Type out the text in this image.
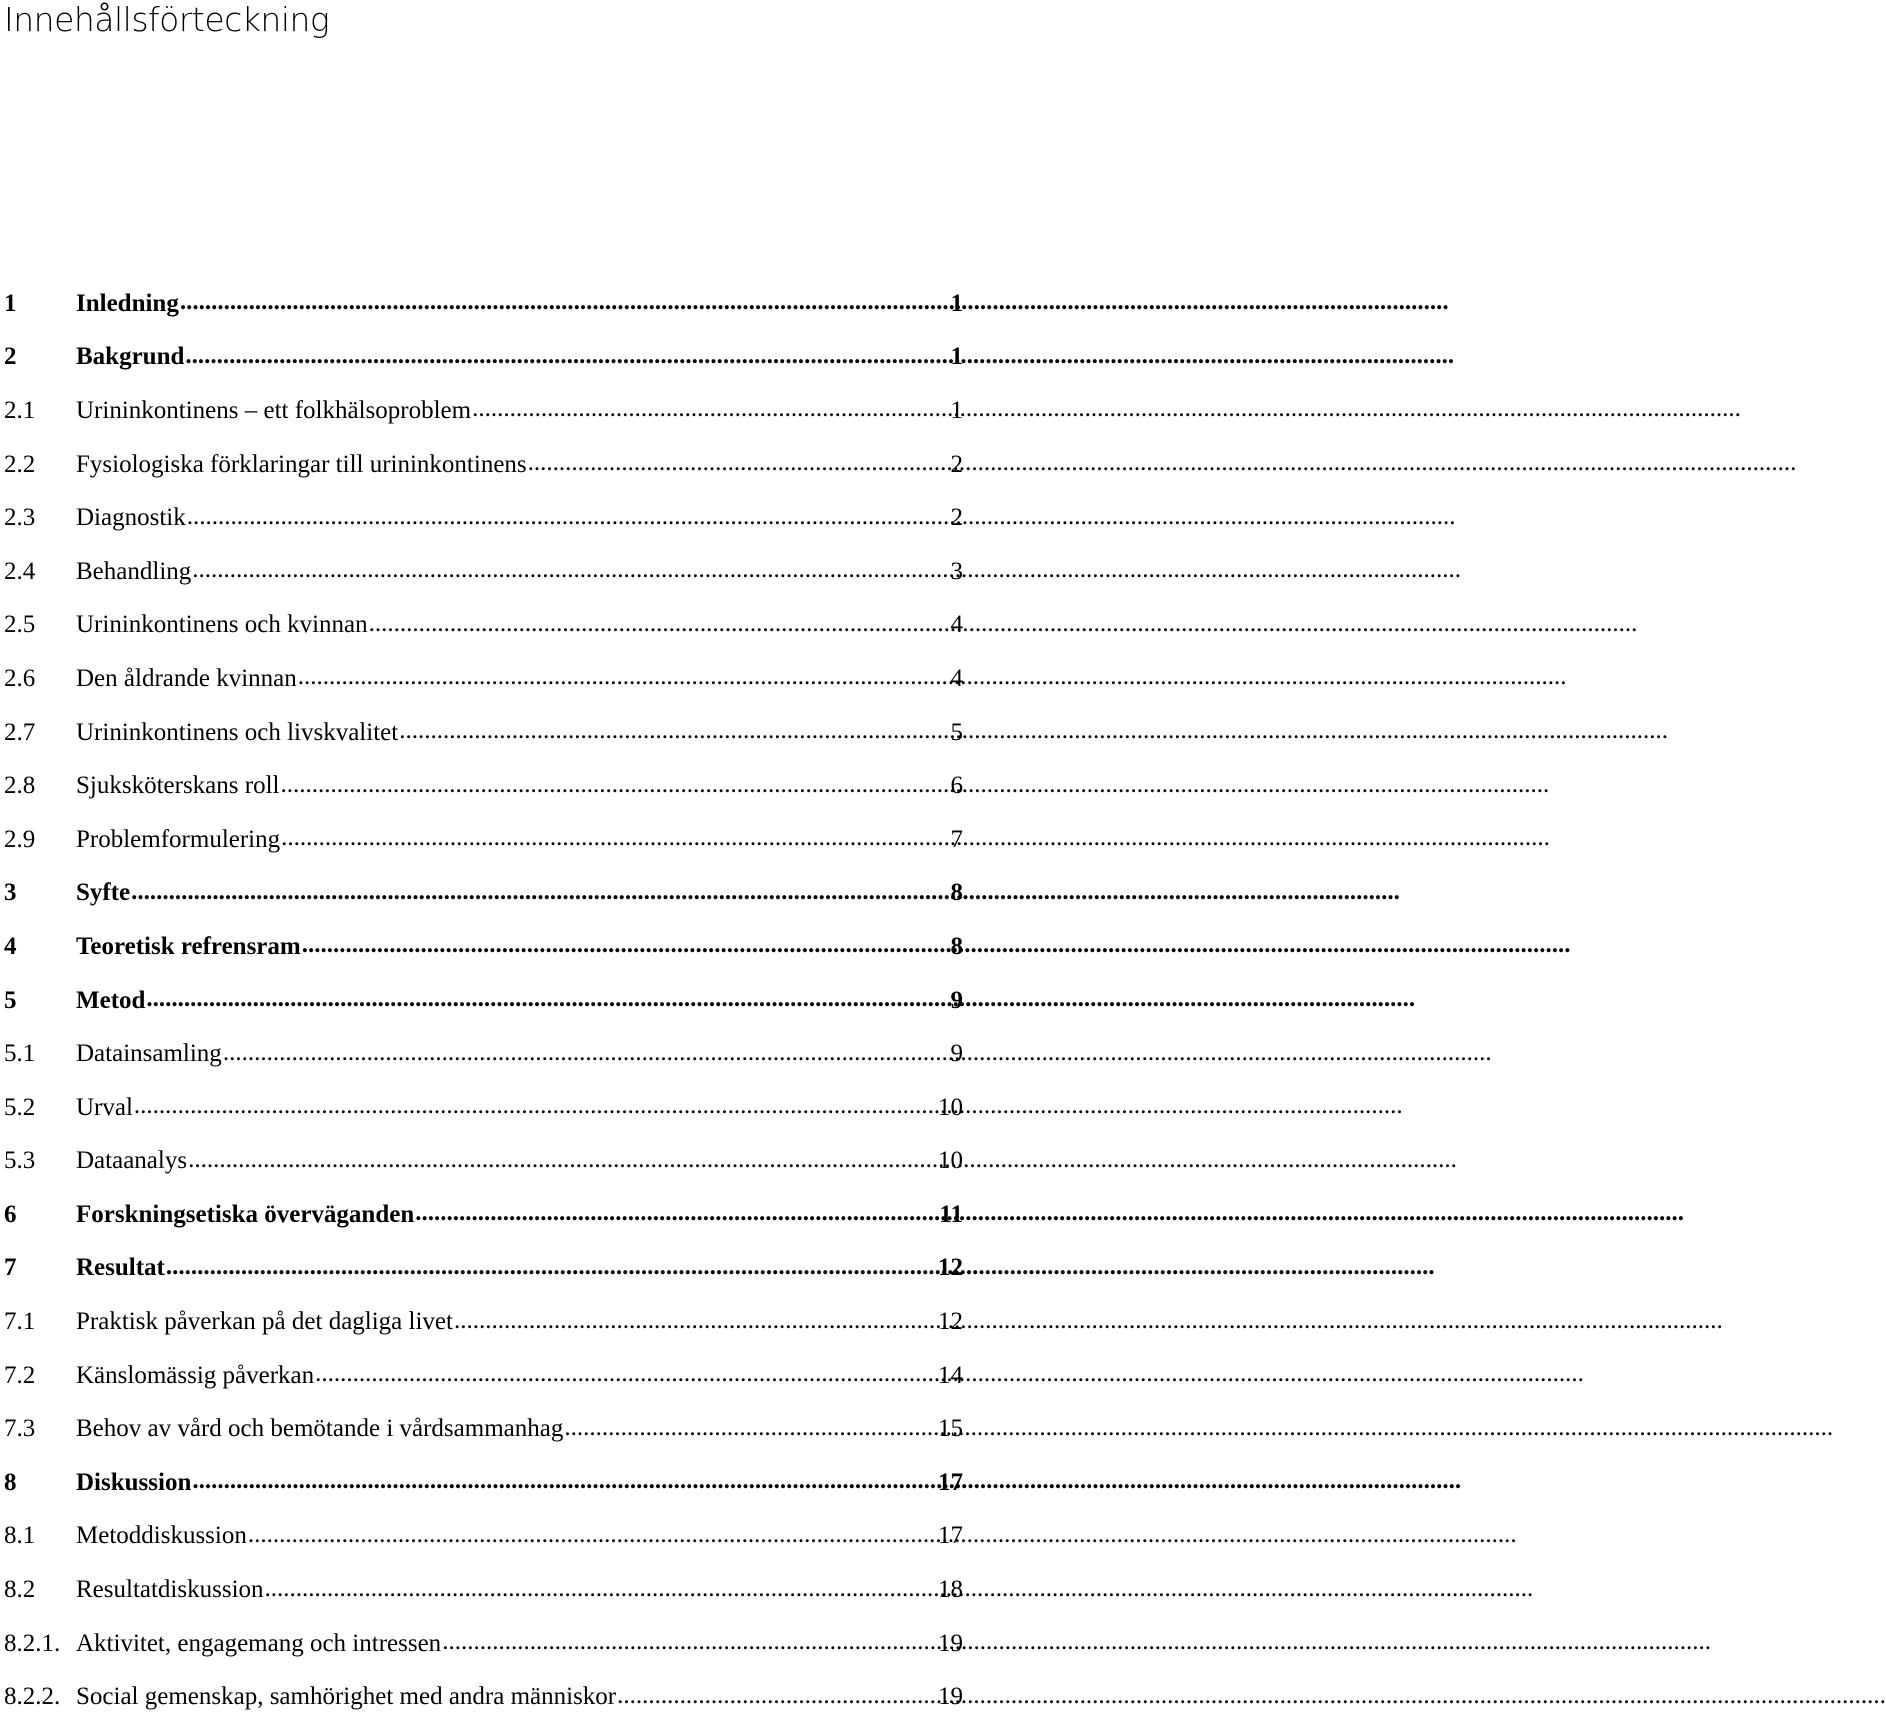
Innehållsförteckning
1	Inledning .....	1
2	Bakgrund .....	1
2.1	Urininkontinens – ett folkhälsoproblem .....	1
2.2	Fysiologiska förklaringar till urininkontinens .....	2
2.3	Diagnostik .....	2
2.4	Behandling .....	3
2.5	Urininkontinens och kvinnan .....	4
2.6	Den åldrande kvinnan .....	4
2.7	Urininkontinens och livskvalitet .....	5
2.8	Sjuksköterskans roll .....	6
2.9	Problemformulering .....	7
3	Syfte .....	8
4	Teoretisk refrensram .....	8
5	Metod .....	9
5.1	Datainsamling .....	9
5.2	Urval .....	10
5.3	Dataanalys .....	10
6	Forskningsetiska överväganden .....	11
7	Resultat .....	12
7.1	Praktisk påverkan på det dagliga livet .....	12
7.2	Känslomässig påverkan .....	14
7.3	Behov av vård och bemötande i vårdsammanhag .....	15
8	Diskussion .....	17
8.1	Metoddiskussion .....	17
8.2	Resultatdiskussion .....	18
8.2.1. Aktivitet, engagemang och intressen .....	19
8.2.2. Social gemenskap, samhörighet med andra människor .....	19
